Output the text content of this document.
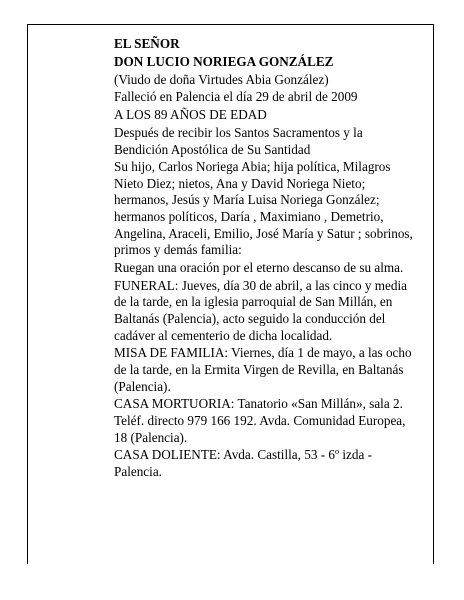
EL SEÑOR
DON LUCIO NORIEGA GONZÁLEZ
(Viudo de doña Virtudes Abia González)
Falleció en Palencia el día 29 de abril de 2009
A LOS 89 AÑOS DE EDAD
Después de recibir los Santos Sacramentos y la Bendición Apostólica de Su Santidad
Su hijo, Carlos Noriega Abia; hija política, Milagros Nieto Diez; nietos, Ana y David Noriega Nieto; hermanos, Jesús y María Luisa Noriega González; hermanos políticos, Daría , Maximiano , Demetrio, Angelina, Araceli, Emilio, José María y Satur ; sobrinos, primos y demás familia:
Ruegan una oración por el eterno descanso de su alma.
FUNERAL: Jueves, día 30 de abril, a las cinco y media de la tarde, en la iglesia parroquial de San Millán, en Baltanás (Palencia), acto seguido la conducción del cadáver al cementerio de dicha localidad.
MISA DE FAMILIA: Viernes, día 1 de mayo, a las ocho de la tarde, en la Ermita Virgen de Revilla, en Baltanás (Palencia).
CASA MORTUORIA: Tanatorio «San Millán», sala 2. Teléf. directo 979 166 192. Avda. Comunidad Europea, 18 (Palencia).
CASA DOLIENTE: Avda. Castilla, 53 - 6º izda - Palencia.
